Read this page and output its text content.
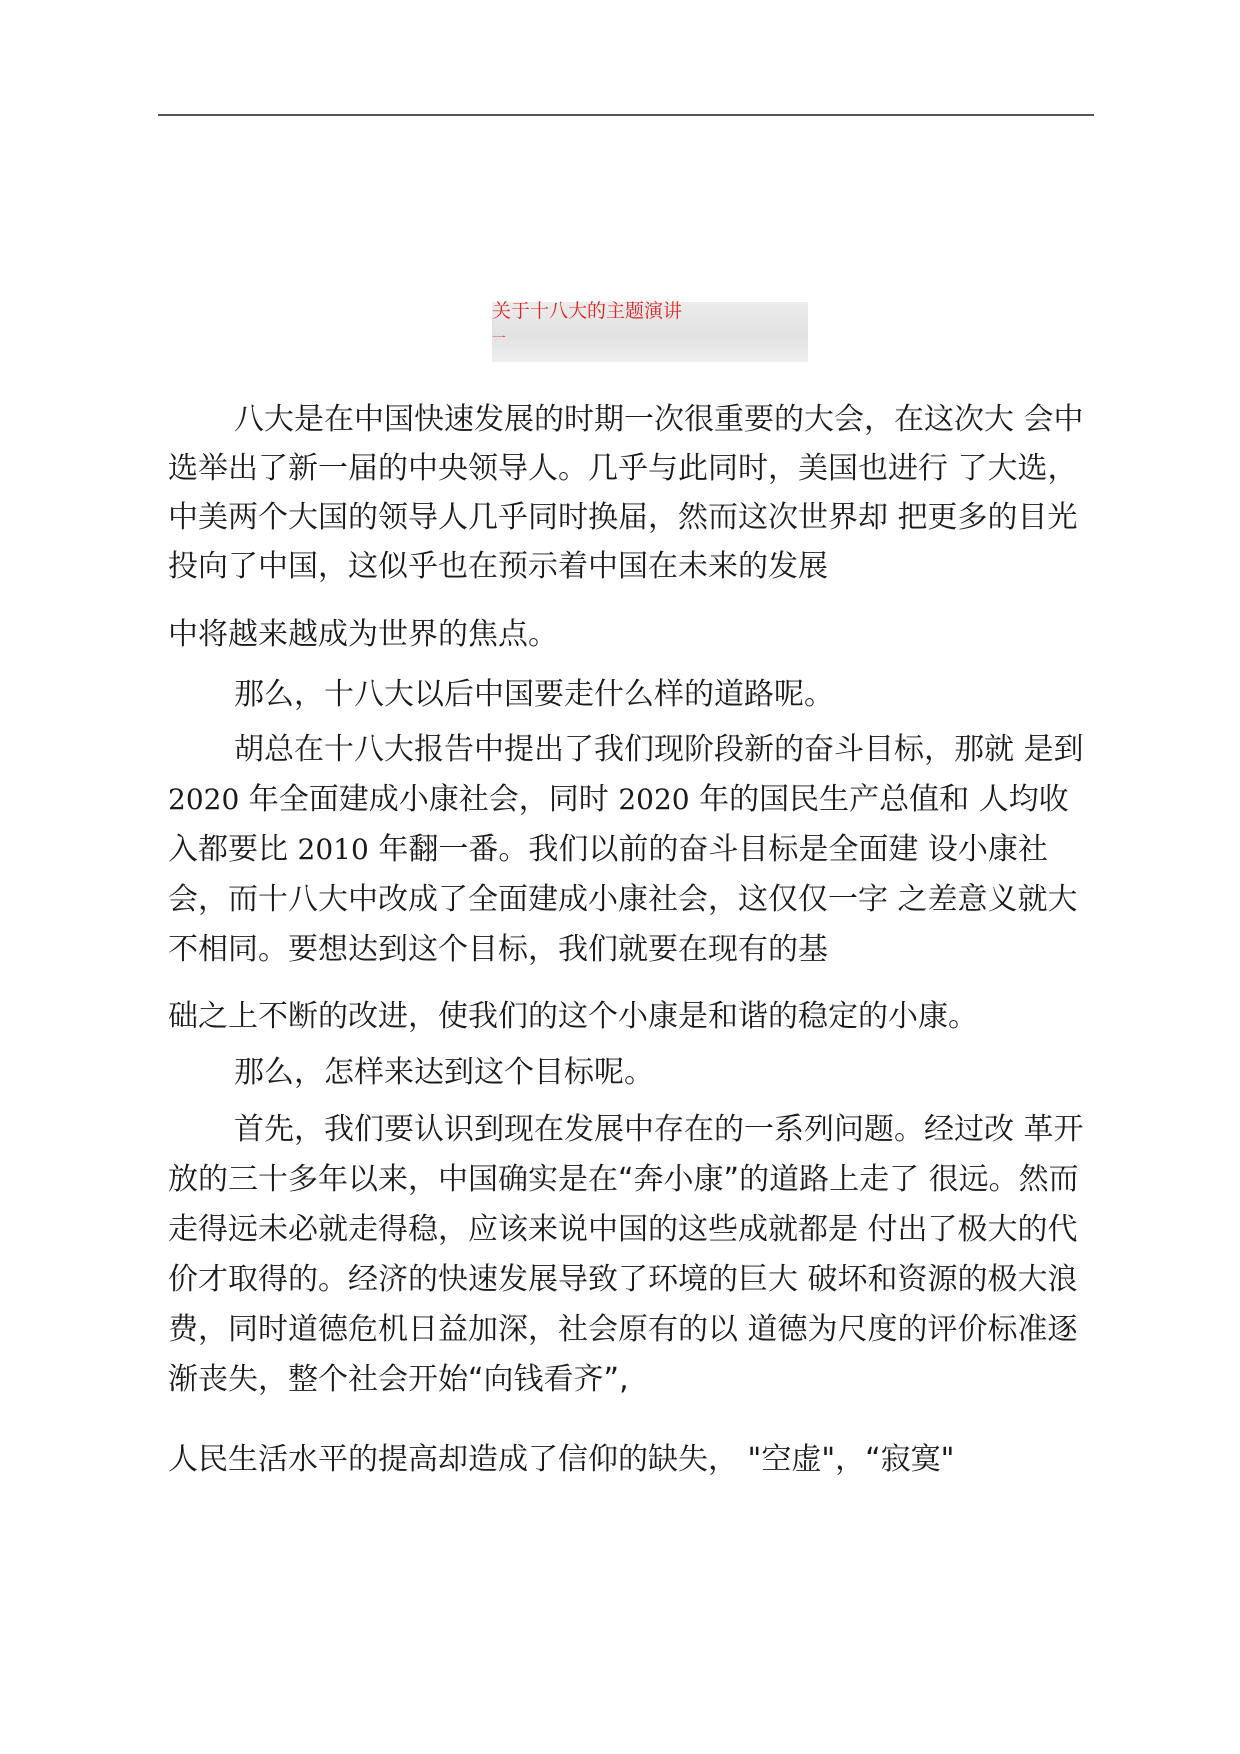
关于十八大的主题演讲
一
八大是在中国快速发展的时期一次很重要的大会，在这次大 会中
选举出了新一届的中央领导人。几乎与此同时，美国也进行 了大选，
中美两个大国的领导人几乎同时换届，然而这次世界却 把更多的目光
投向了中国，这似乎也在预示着中国在未来的发展
中将越来越成为世界的焦点。
那么，十八大以后中国要走什么样的道路呢。
胡总在十八大报告中提出了我们现阶段新的奋斗目标，那就 是到
2020 年全面建成小康社会，同时 2020 年的国民生产总值和 人均收
入都要比 2010 年翻一番。我们以前的奋斗目标是全面建 设小康社
会，而十八大中改成了全面建成小康社会，这仅仅一字 之差意义就大
不相同。要想达到这个目标，我们就要在现有的基
础之上不断的改进，使我们的这个小康是和谐的稳定的小康。
那么，怎样来达到这个目标呢。
首先，我们要认识到现在发展中存在的一系列问题。经过改 革开
放的三十多年以来，中国确实是在“奔小康”的道路上走了 很远。然而
走得远未必就走得稳，应该来说中国的这些成就都是 付出了极大的代
价才取得的。经济的快速发展导致了环境的巨大 破坏和资源的极大浪
费，同时道德危机日益加深，社会原有的以 道德为尺度的评价标准逐
渐丧失，整个社会开始“向钱看齐”,
人民生活水平的提高却造成了信仰的缺失， "空虚"，“寂寞"
